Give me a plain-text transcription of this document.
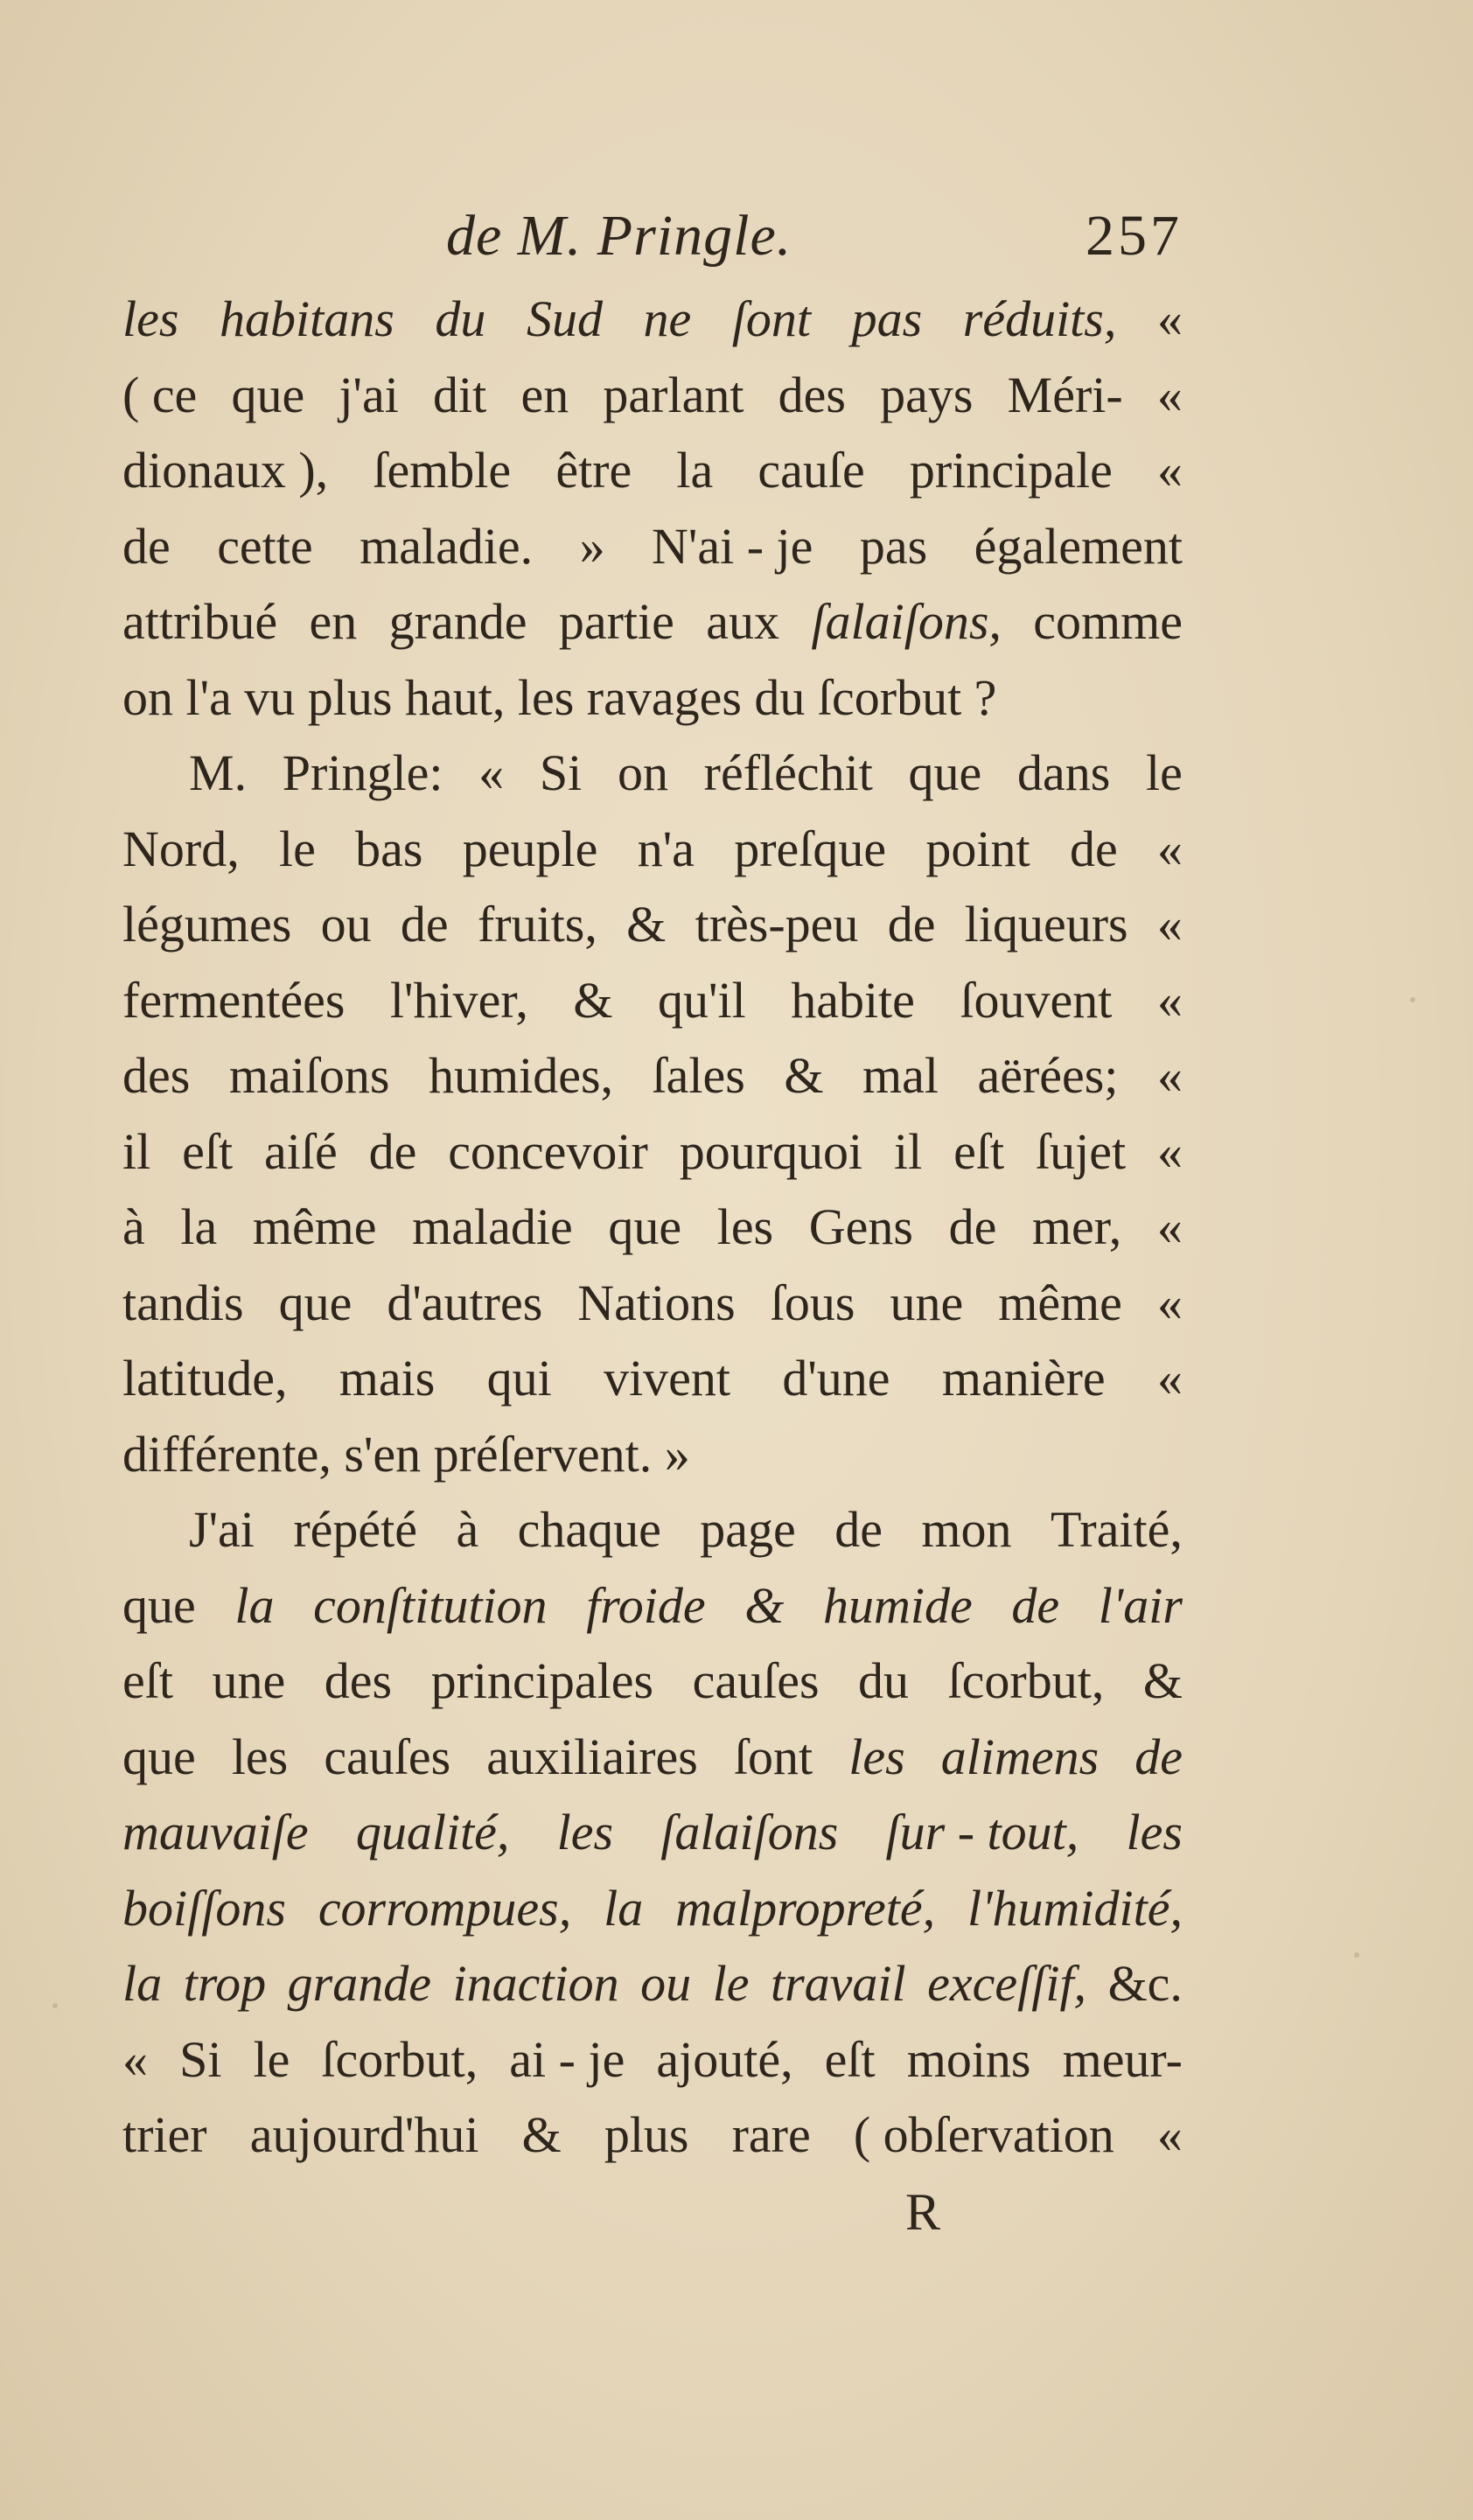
de M. Pringle.	257
les habitans du Sud ne ſont pas réduits, «
( ce que j'ai dit en parlant des pays Méri- «
dionaux ), ſemble être la cauſe principale «
de cette maladie. » N'ai - je pas également
attribué en grande partie aux ſalaiſons, comme
on l'a vu plus haut, les ravages du ſcorbut ?
M. Pringle: « Si on réfléchit que dans le
Nord, le bas peuple n'a preſque point de «
légumes ou de fruits, & très-peu de liqueurs «
fermentées l'hiver, & qu'il habite ſouvent «
des maiſons humides, ſales & mal aërées; «
il eſt aiſé de concevoir pourquoi il eſt ſujet «
à la même maladie que les Gens de mer, «
tandis que d'autres Nations ſous une même «
latitude, mais qui vivent d'une manière «
différente, s'en préſervent. »
J'ai répété à chaque page de mon Traité,
que la conſtitution froide & humide de l'air
eſt une des principales cauſes du ſcorbut, &
que les cauſes auxiliaires ſont les alimens de
mauvaiſe qualité, les ſalaiſons ſur - tout, les
boiſſons corrompues, la malpropreté, l'humidité,
la trop grande inaction ou le travail exceſſif, &c.
« Si le ſcorbut, ai - je ajouté, eſt moins meur-
trier aujourd'hui & plus rare ( obſervation «
R
